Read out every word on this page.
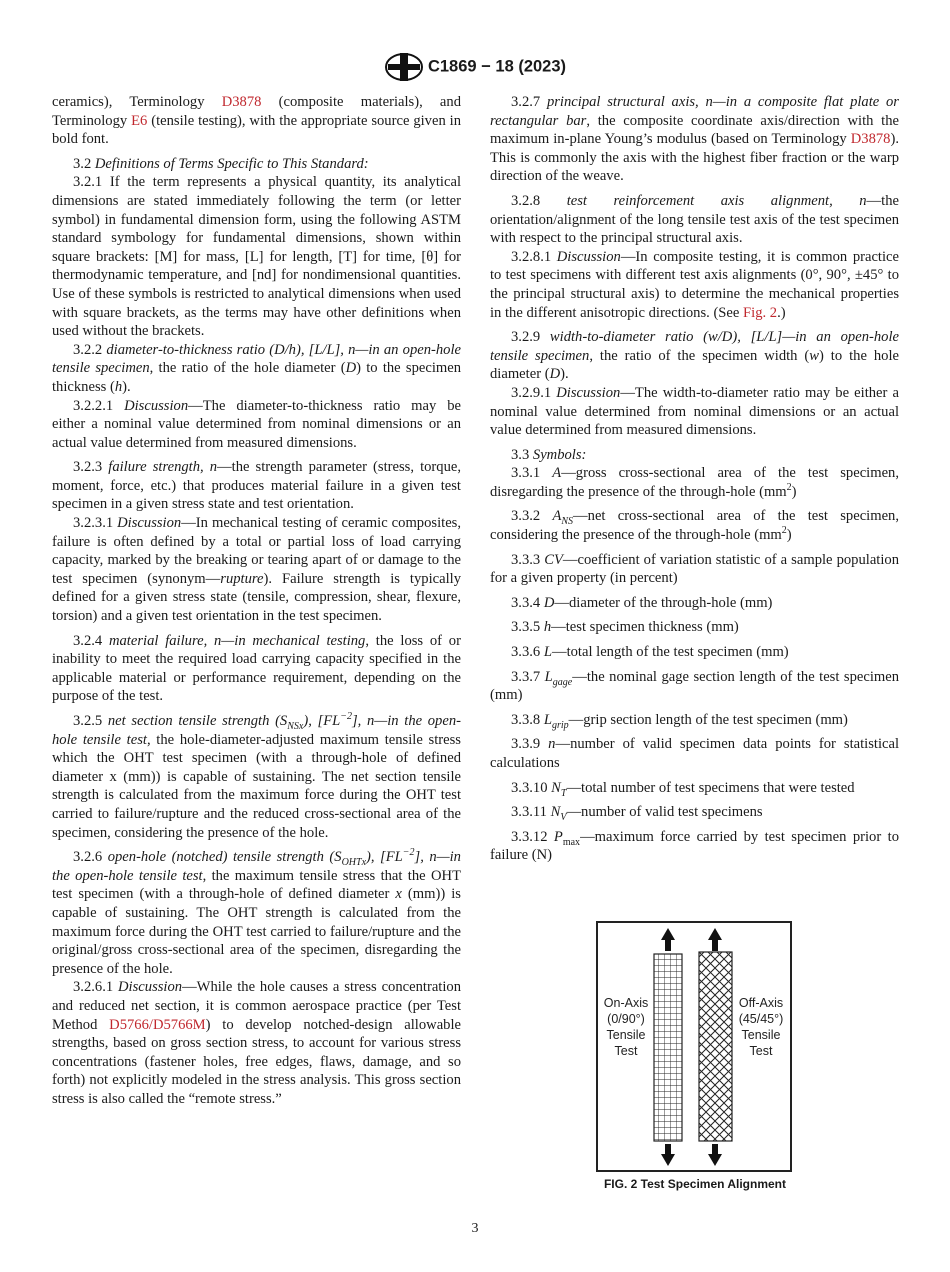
C1869 − 18 (2023)

ceramics), Terminology D3878 (composite materials), and Terminology E6 (tensile testing), with the appropriate source given in bold font.

3.2 Definitions of Terms Specific to This Standard:

3.2.1 If the term represents a physical quantity, its analytical dimensions are stated immediately following the term (or letter symbol) in fundamental dimension form, using the following ASTM standard symbology for fundamental dimensions, shown within square brackets: [M] for mass, [L] for length, [T] for time, [θ] for thermodynamic temperature, and [nd] for nondimensional quantities. Use of these symbols is restricted to analytical dimensions when used with square brackets, as the terms may have other definitions when used without the brackets.

3.2.2 diameter-to-thickness ratio (D/h), [L/L], n—in an open-hole tensile specimen, the ratio of the hole diameter (D) to the specimen thickness (h).

3.2.2.1 Discussion—The diameter-to-thickness ratio may be either a nominal value determined from nominal dimensions or an actual value determined from measured dimensions.

3.2.3 failure strength, n—the strength parameter (stress, torque, moment, force, etc.) that produces material failure in a given test specimen in a given stress state and test orientation.

3.2.3.1 Discussion—In mechanical testing of ceramic composites, failure is often defined by a total or partial loss of load carrying capacity, marked by the breaking or tearing apart of or damage to the test specimen (synonym—rupture). Failure strength is typically defined for a given stress state (tensile, compression, shear, flexure, torsion) and a given test orientation in the test specimen.

3.2.4 material failure, n—in mechanical testing, the loss of or inability to meet the required load carrying capacity specified in the applicable material or performance requirement, depending on the purpose of the test.

3.2.5 net section tensile strength $(S_{NSx})$, $[FL^{-2}]$, n—in the open-hole tensile test, the hole-diameter-adjusted maximum tensile stress which the OHT test specimen (with a through-hole of defined diameter x (mm)) is capable of sustaining. The net section tensile strength is calculated from the maximum force during the OHT test carried to failure/rupture and the reduced cross-sectional area of the specimen, considering the presence of the hole.

3.2.6 open-hole (notched) tensile strength $(S_{OHTx})$, $[FL^{-2}]$, n—in the open-hole tensile test, the maximum tensile stress that the OHT test specimen (with a through-hole of defined diameter x (mm)) is capable of sustaining. The OHT strength is calculated from the maximum force during the OHT test carried to failure/rupture and the original/gross cross-sectional area of the specimen, disregarding the presence of the hole.

3.2.6.1 Discussion—While the hole causes a stress concentration and reduced net section, it is common aerospace practice (per Test Method D5766/D5766M) to develop notched-design allowable strengths, based on gross section stress, to account for various stress concentrations (fastener holes, free edges, flaws, damage, and so forth) not explicitly modeled in the stress analysis. This gross section stress is also called the “remote stress.”

3.2.7 principal structural axis, n—in a composite flat plate or rectangular bar, the composite coordinate axis/direction with the maximum in-plane Young’s modulus (based on Terminology D3878). This is commonly the axis with the highest fiber fraction or the warp direction of the weave.

3.2.8 test reinforcement axis alignment, n—the orientation/alignment of the long tensile test axis of the test specimen with respect to the principal structural axis.

3.2.8.1 Discussion—In composite testing, it is common practice to test specimens with different test axis alignments (0°, 90°, ±45° to the principal structural axis) to determine the mechanical properties in the different anisotropic directions. (See Fig. 2.)

3.2.9 width-to-diameter ratio (w/D), [L/L]—in an open-hole tensile specimen, the ratio of the specimen width (w) to the hole diameter (D).

3.2.9.1 Discussion—The width-to-diameter ratio may be either a nominal value determined from nominal dimensions or an actual value determined from measured dimensions.

3.3 Symbols:

3.3.1 A—gross cross-sectional area of the test specimen, disregarding the presence of the through-hole $(mm^2)$

3.3.2 $A_{NS}—net$ cross-sectional area of the test specimen, considering the presence of the through-hole $(mm^2)$

3.3.3 CV—coefficient of variation statistic of a sample population for a given property (in percent)

3.3.4 D—diameter of the through-hole (mm)

3.3.5 h—test specimen thickness (mm)

3.3.6 L—total length of the test specimen (mm)

3.3.7 $L_{gage}—the$ nominal gage section length of the test specimen (mm)

3.3.8 $L_{grip}—grip$ section length of the test specimen (mm)

3.3.9 n—number of valid specimen data points for statistical calculations

3.3.10 $N_T—total$ number of test specimens that were tested

3.3.11 $N_V—number$ of valid test specimens

3.3.12 $P_{max}—maximum$ force carried by test specimen prior to failure (N)

On-Axis
(0/90°)
Tensile
Test
Off-Axis
(45/45°)
Tensile
Test
FIG. 2 Test Specimen Alignment
3
